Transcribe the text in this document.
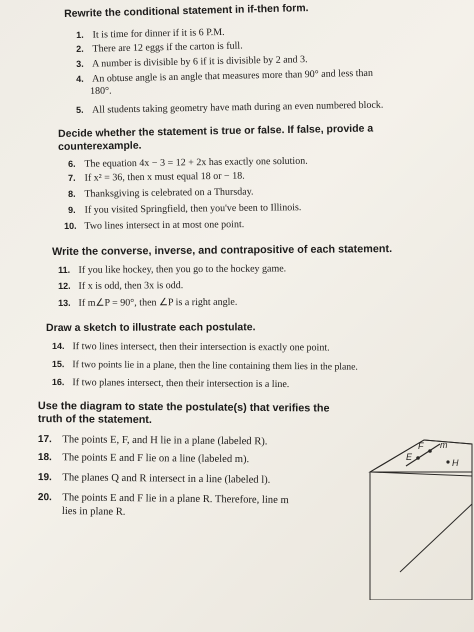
Rewrite the conditional statement in if-then form.
1. It is time for dinner if it is 6 P.M.
2. There are 12 eggs if the carton is full.
3. A number is divisible by 6 if it is divisible by 2 and 3.
4. An obtuse angle is an angle that measures more than 90° and less than
180°.
5. All students taking geometry have math during an even numbered block.
Decide whether the statement is true or false. If false, provide a
counterexample.
6. The equation 4x − 3 = 12 + 2x has exactly one solution.
7. If x² = 36, then x must equal 18 or − 18.
8. Thanksgiving is celebrated on a Thursday.
9. If you visited Springfield, then you've been to Illinois.
10. Two lines intersect in at most one point.
Write the converse, inverse, and contrapositive of each statement.
11. If you like hockey, then you go to the hockey game.
12. If x is odd, then 3x is odd.
13. If m∠P = 90°, then ∠P is a right angle.
Draw a sketch to illustrate each postulate.
14. If two lines intersect, then their intersection is exactly one point.
15. If two points lie in a plane, then the line containing them lies in the plane.
16. If two planes intersect, then their intersection is a line.
Use the diagram to state the postulate(s) that verifies the
truth of the statement.
17. The points E, F, and H lie in a plane (labeled R).
18. The points E and F lie on a line (labeled m).
19. The planes Q and R intersect in a line (labeled l).
20. The points E and F lie in a plane R. Therefore, line m
lies in plane R.
F m
E
H
